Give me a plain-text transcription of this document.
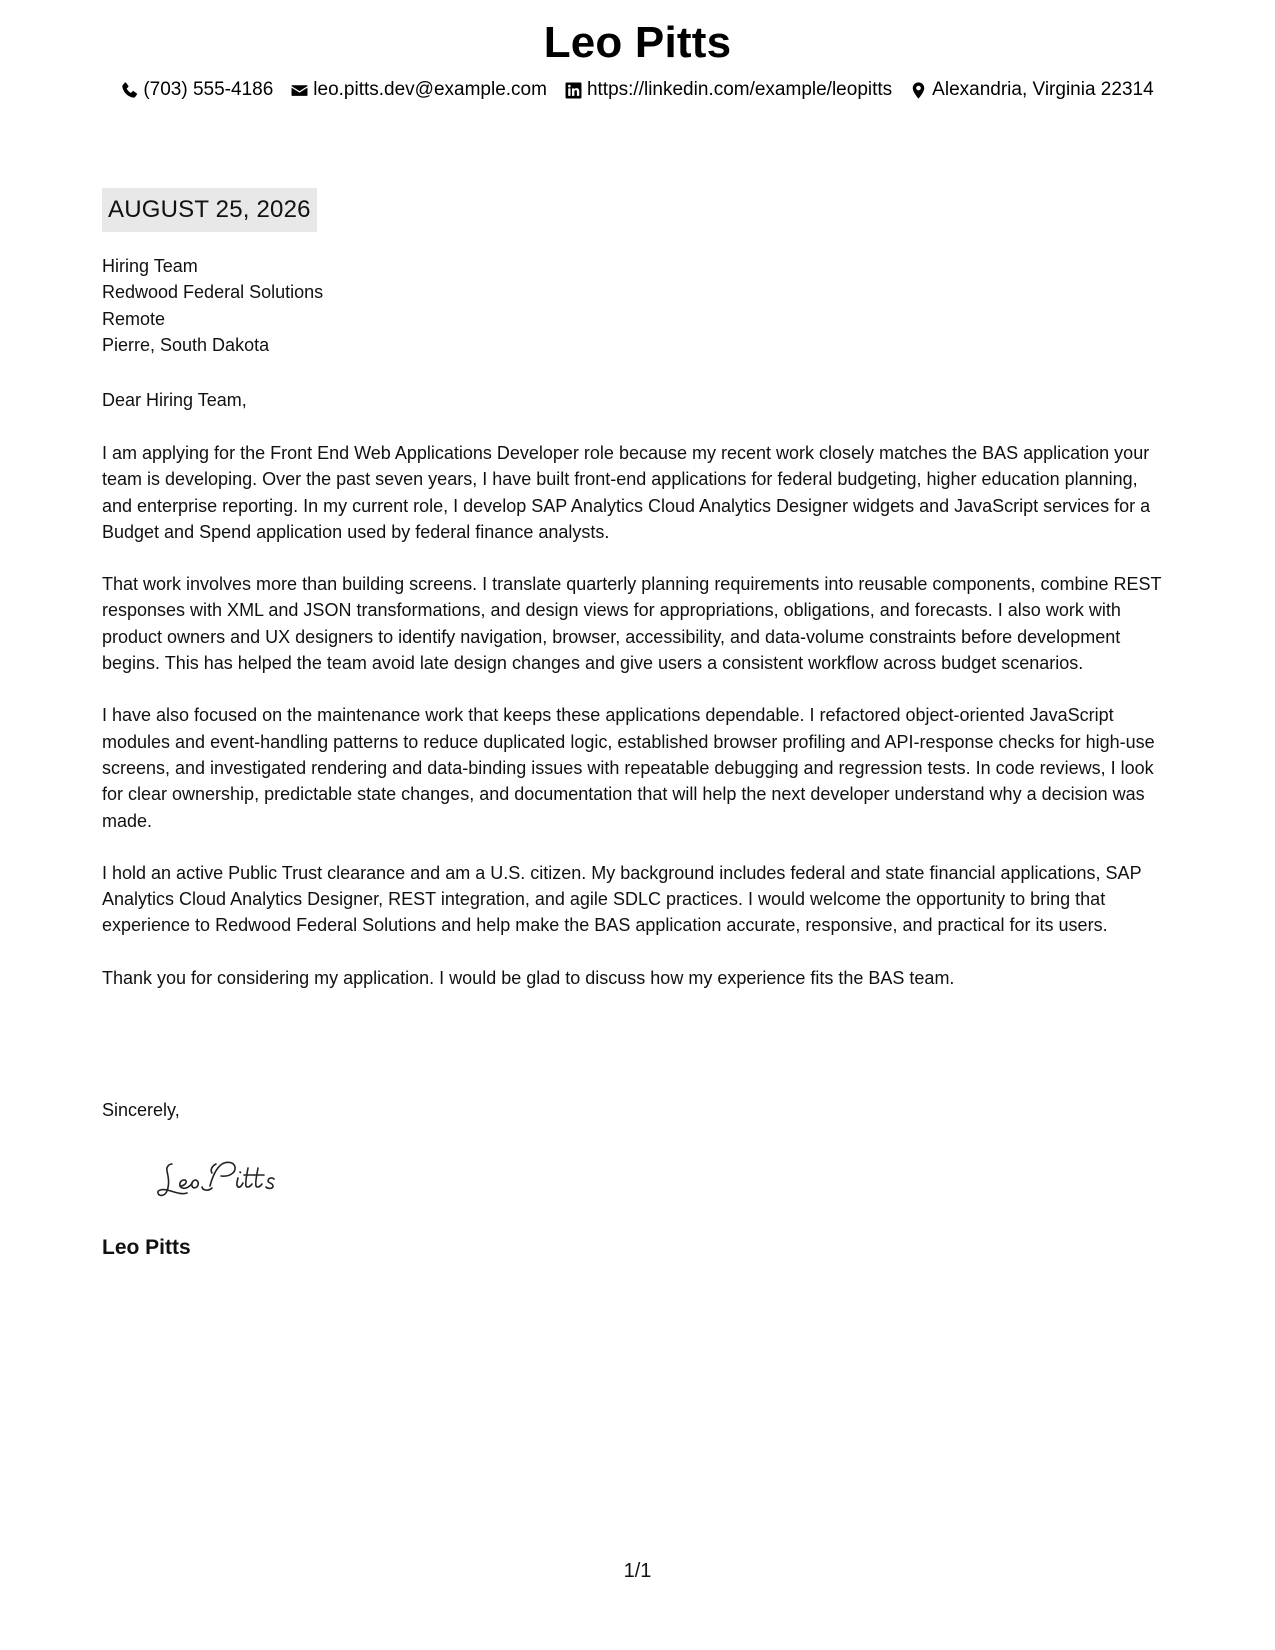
Leo Pitts
(703) 555-4186 leo.pitts.dev@example.com https://linkedin.com/example/leopitts Alexandria, Virginia 22314
AUGUST 25, 2026
Hiring Team
Redwood Federal Solutions
Remote
Pierre, South Dakota
Dear Hiring Team,

I am applying for the Front End Web Applications Developer role because my recent work closely matches the BAS application your team is developing. Over the past seven years, I have built front-end applications for federal budgeting, higher education planning, and enterprise reporting. In my current role, I develop SAP Analytics Cloud Analytics Designer widgets and JavaScript services for a Budget and Spend application used by federal finance analysts.

That work involves more than building screens. I translate quarterly planning requirements into reusable components, combine REST responses with XML and JSON transformations, and design views for appropriations, obligations, and forecasts. I also work with product owners and UX designers to identify navigation, browser, accessibility, and data-volume constraints before development begins. This has helped the team avoid late design changes and give users a consistent workflow across budget scenarios.

I have also focused on the maintenance work that keeps these applications dependable. I refactored object-oriented JavaScript modules and event-handling patterns to reduce duplicated logic, established browser profiling and API-response checks for high-use screens, and investigated rendering and data-binding issues with repeatable debugging and regression tests. In code reviews, I look for clear ownership, predictable state changes, and documentation that will help the next developer understand why a decision was made.

I hold an active Public Trust clearance and am a U.S. citizen. My background includes federal and state financial applications, SAP Analytics Cloud Analytics Designer, REST integration, and agile SDLC practices. I would welcome the opportunity to bring that experience to Redwood Federal Solutions and help make the BAS application accurate, responsive, and practical for its users.

Thank you for considering my application. I would be glad to discuss how my experience fits the BAS team.

Sincerely,
Leo Pitts
1/1
